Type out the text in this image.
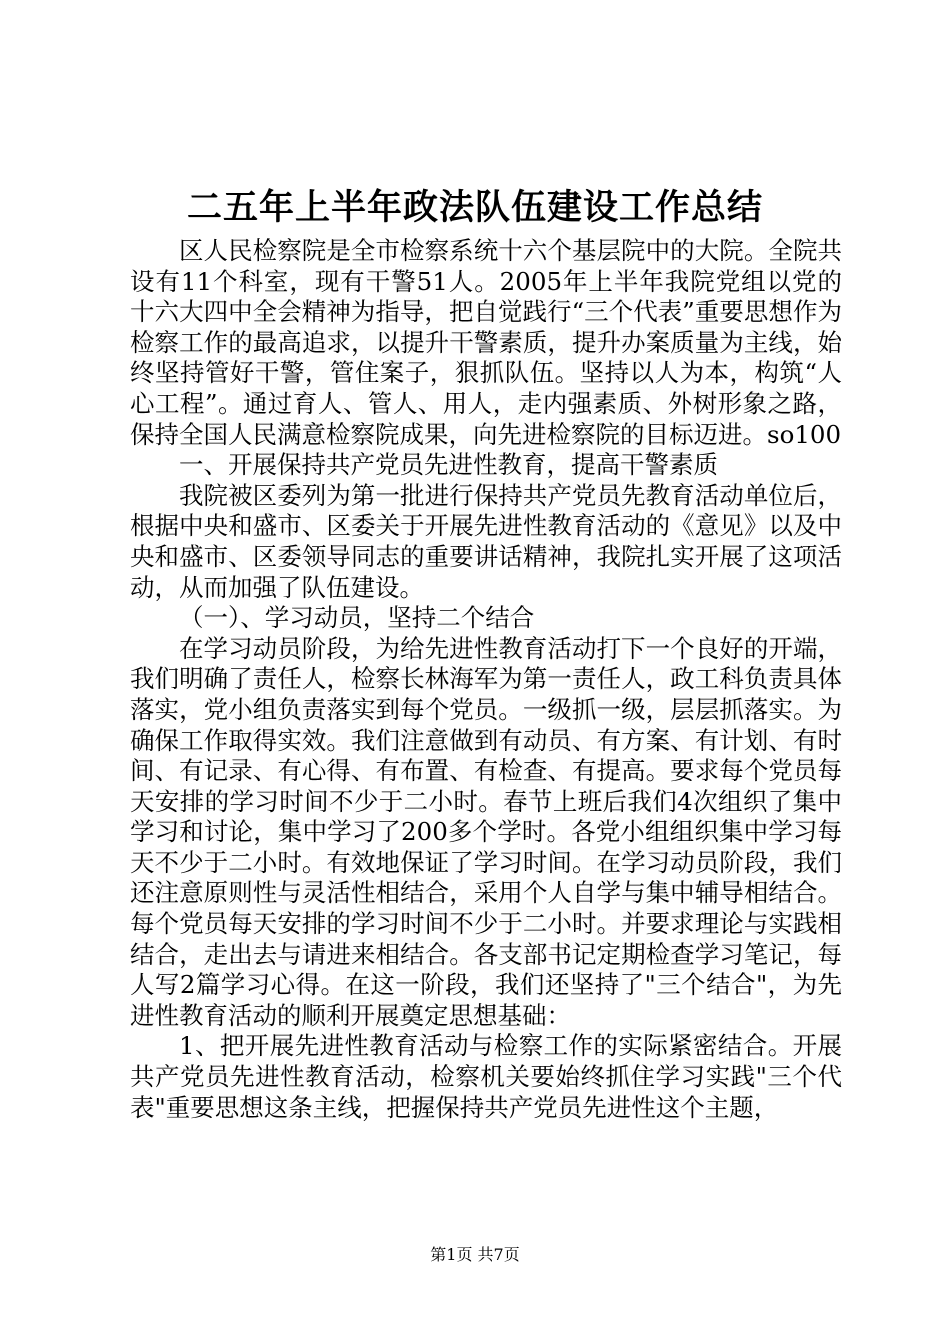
二五年上半年政法队伍建设工作总结

区人民检察院是全市检察系统十六个基层院中的大院。全院共设有11个科室，现有干警51人。2005年上半年我院党组以党的十六大四中全会精神为指导，把自觉践行“三个代表”重要思想作为检察工作的最高追求，以提升干警素质，提升办案质量为主线，始终坚持管好干警，管住案子，狠抓队伍。坚持以人为本，构筑“人心工程”。通过育人、管人、用人，走内强素质、外树形象之路，保持全国人民满意检察院成果，向先进检察院的目标迈进。so100

一、开展保持共产党员先进性教育，提高干警素质

我院被区委列为第一批进行保持共产党员先教育活动单位后，根据中央和盛市、区委关于开展先进性教育活动的《意见》以及中央和盛市、区委领导同志的重要讲话精神，我院扎实开展了这项活动，从而加强了队伍建设。

（一）、学习动员，坚持二个结合

在学习动员阶段，为给先进性教育活动打下一个良好的开端，我们明确了责任人，检察长林海军为第一责任人，政工科负责具体落实，党小组负责落实到每个党员。一级抓一级，层层抓落实。为确保工作取得实效。我们注意做到有动员、有方案、有计划、有时间、有记录、有心得、有布置、有检查、有提高。要求每个党员每天安排的学习时间不少于二小时。春节上班后我们4次组织了集中学习和讨论，集中学习了200多个学时。各党小组组织集中学习每天不少于二小时。有效地保证了学习时间。在学习动员阶段，我们还注意原则性与灵活性相结合，采用个人自学与集中辅导相结合。每个党员每天安排的学习时间不少于二小时。并要求理论与实践相结合，走出去与请进来相结合。各支部书记定期检查学习笔记，每人写2篇学习心得。在这一阶段，我们还坚持了"三个结合"，为先进性教育活动的顺利开展奠定思想基础：

1、把开展先进性教育活动与检察工作的实际紧密结合。开展共产党员先进性教育活动，检察机关要始终抓住学习实践"三个代表"重要思想这条主线，把握保持共产党员先进性这个主题，

第1页 共7页
